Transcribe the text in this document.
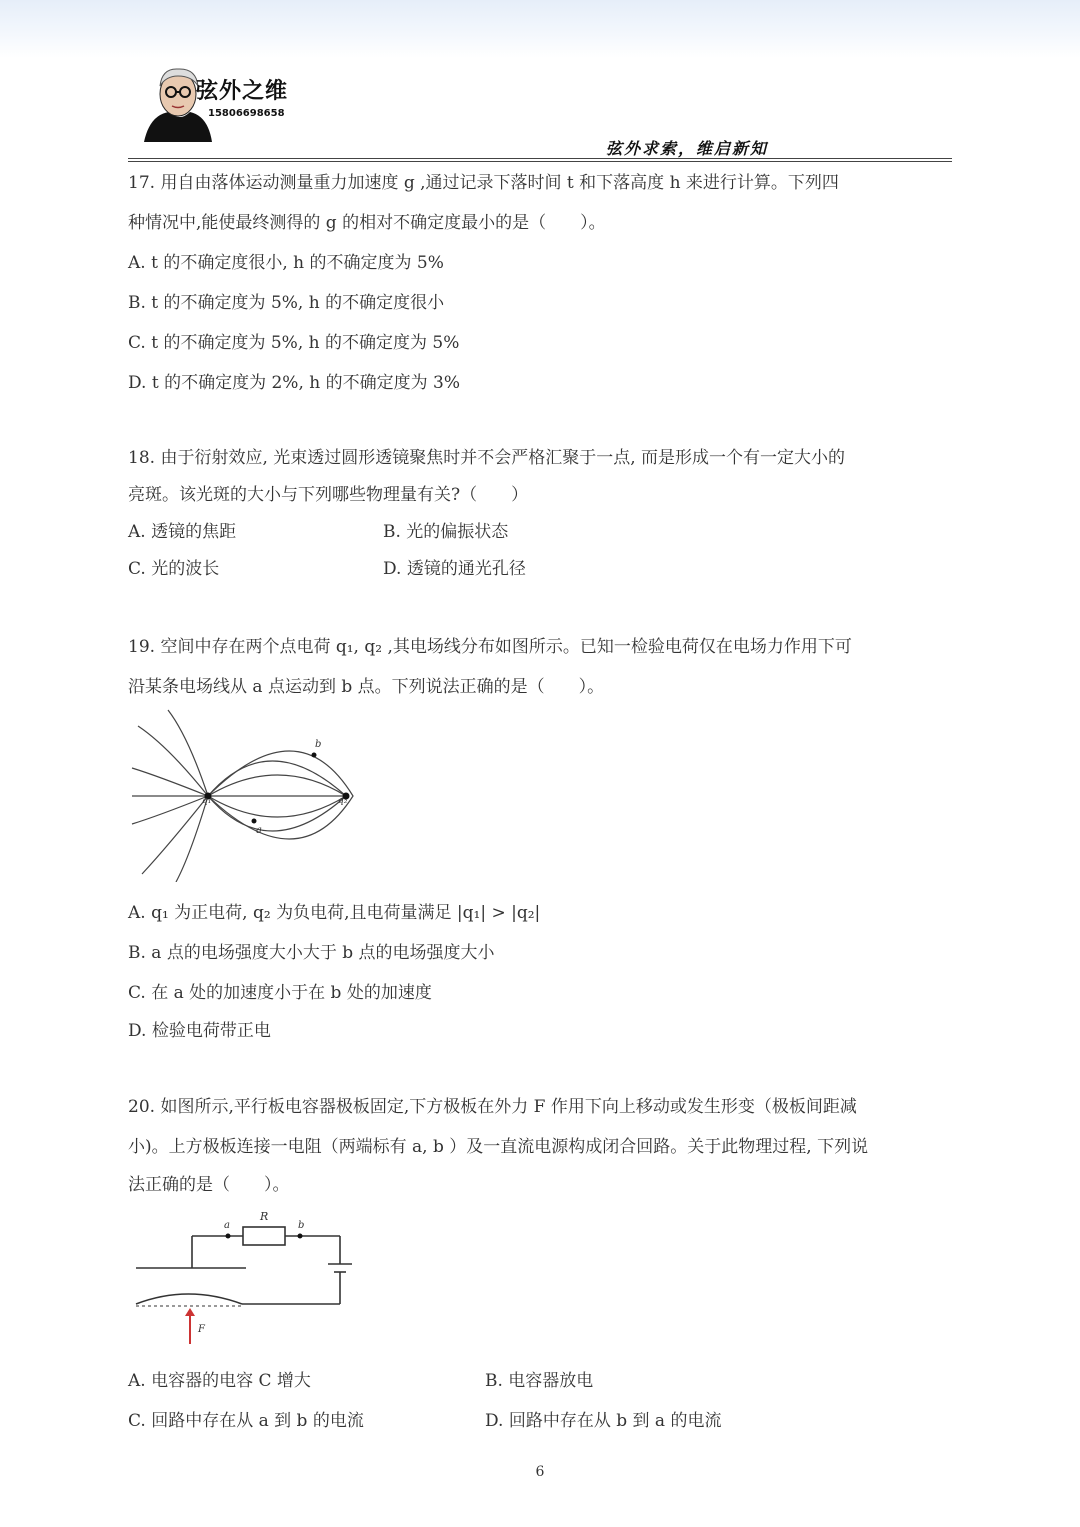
弦外之维
15806698658
弦外求索，维启新知
17. 用自由落体运动测量重力加速度 g ,通过记录下落时间 t 和下落高度 h 来进行计算。下列四
种情况中,能使最终测得的 g 的相对不确定度最小的是（　　）。
A. t 的不确定度很小, h 的不确定度为 5%
B. t 的不确定度为 5%, h 的不确定度很小
C. t 的不确定度为 5%, h 的不确定度为 5%
D. t 的不确定度为 2%, h 的不确定度为 3%
18. 由于衍射效应, 光束透过圆形透镜聚焦时并不会严格汇聚于一点, 而是形成一个有一定大小的
亮斑。该光斑的大小与下列哪些物理量有关?（　　）
A. 透镜的焦距	B. 光的偏振状态
C. 光的波长	D. 透镜的通光孔径
19. 空间中存在两个点电荷 q₁, q₂ ,其电场线分布如图所示。已知一检验电荷仅在电场力作用下可
沿某条电场线从 a 点运动到 b 点。下列说法正确的是（　　）。
q₁	q₂
b
a
A. q₁ 为正电荷, q₂ 为负电荷,且电荷量满足 |q₁| > |q₂|
B. a 点的电场强度大小大于 b 点的电场强度大小
C. 在 a 处的加速度小于在 b 处的加速度
D. 检验电荷带正电
20. 如图所示,平行板电容器极板固定,下方极板在外力 F 作用下向上移动或发生形变（极板间距减
小)。上方极板连接一电阻（两端标有 a, b ）及一直流电源构成闭合回路。关于此物理过程, 下列说
法正确的是（　　）。
a
R
b
F
A. 电容器的电容 C 增大	B. 电容器放电
C. 回路中存在从 a 到 b 的电流	D. 回路中存在从 b 到 a 的电流
6
